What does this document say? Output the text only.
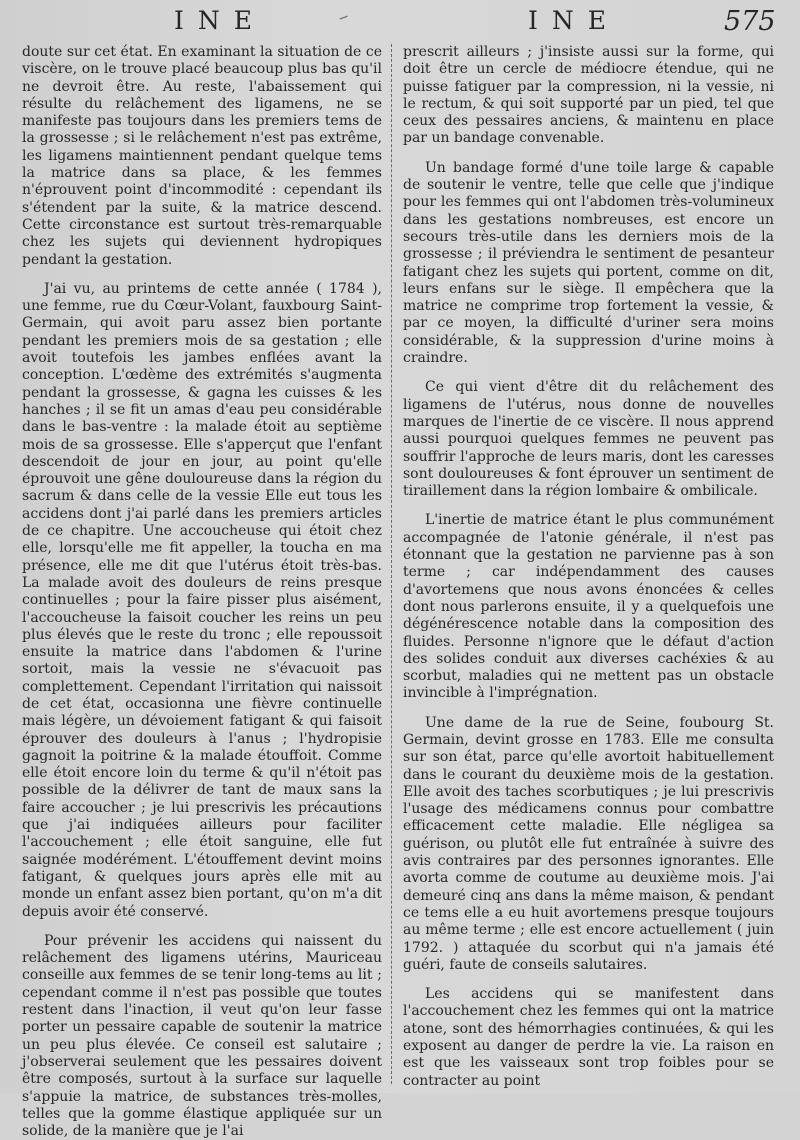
INE	–	INE	575

doute sur cet état. En examinant la situation de ce viscère, on le trouve placé beaucoup plus bas qu'il ne devroit être. Au reste, l'abaissement qui résulte du relâchement des ligamens, ne se manifeste pas toujours dans les premiers tems de la grossesse ; si le relâchement n'est pas extrême, les ligamens maintiennent pendant quelque tems la matrice dans sa place, & les femmes n'éprouvent point d'incommodité : cependant ils s'étendent par la suite, & la matrice descend. Cette circonstance est surtout très-remarquable chez les sujets qui deviennent hydropiques pendant la gestation.

J'ai vu, au printems de cette année ( 1784 ), une femme, rue du Cœur-Volant, fauxbourg Saint-Germain, qui avoit paru assez bien portante pendant les premiers mois de sa gestation ; elle avoit toutefois les jambes enflées avant la conception. L'œdème des extrémités s'augmenta pendant la grossesse, & gagna les cuisses & les hanches ; il se fit un amas d'eau peu considérable dans le bas-ventre : la malade étoit au septième mois de sa grossesse. Elle s'apperçut que l'enfant descendoit de jour en jour, au point qu'elle éprouvoit une gêne douloureuse dans la région du sacrum & dans celle de la vessie Elle eut tous les accidens dont j'ai parlé dans les premiers articles de ce chapitre. Une accoucheuse qui étoit chez elle, lorsqu'elle me fit appeller, la toucha en ma présence, elle me dit que l'utérus étoit très-bas. La malade avoit des douleurs de reins presque continuelles ; pour la faire pisser plus aisément, l'accoucheuse la faisoit coucher les reins un peu plus élevés que le reste du tronc ; elle repoussoit ensuite la matrice dans l'abdomen & l'urine sortoit, mais la vessie ne s'évacuoit pas complettement. Cependant l'irritation qui naissoit de cet état, occasionna une fièvre continuelle mais légère, un dévoiement fatigant & qui faisoit éprouver des douleurs à l'anus ; l'hydropisie gagnoit la poitrine & la malade étouffoit. Comme elle étoit encore loin du terme & qu'il n'étoit pas possible de la délivrer de tant de maux sans la faire accoucher ; je lui prescrivis les précautions que j'ai indiquées ailleurs pour faciliter l'accouchement ; elle étoit sanguine, elle fut saignée modérément. L'étouffement devint moins fatigant, & quelques jours après elle mit au monde un enfant assez bien portant, qu'on m'a dit depuis avoir été conservé.

Pour prévenir les accidens qui naissent du relâchement des ligamens utérins, Mauriceau conseille aux femmes de se tenir long-tems au lit ; cependant comme il n'est pas possible que toutes restent dans l'inaction, il veut qu'on leur fasse porter un pessaire capable de soutenir la matrice un peu plus élevée. Ce conseil est salutaire ; j'observerai seulement que les pessaires doivent être composés, surtout à la surface sur laquelle s'appuie la matrice, de substances très-molles, telles que la gomme élastique appliquée sur un solide, de la manière que je l'ai

prescrit ailleurs ; j'insiste aussi sur la forme, qui doit être un cercle de médiocre étendue, qui ne puisse fatiguer par la compression, ni la vessie, ni le rectum, & qui soit supporté par un pied, tel que ceux des pessaires anciens, & maintenu en place par un bandage convenable.

Un bandage formé d'une toile large & capable de soutenir le ventre, telle que celle que j'indique pour les femmes qui ont l'abdomen très-volumineux dans les gestations nombreuses, est encore un secours très-utile dans les derniers mois de la grossesse ; il préviendra le sentiment de pesanteur fatigant chez les sujets qui portent, comme on dit, leurs enfans sur le siège. Il empêchera que la matrice ne comprime trop fortement la vessie, & par ce moyen, la difficulté d'uriner sera moins considérable, & la suppression d'urine moins à craindre.

Ce qui vient d'être dit du relâchement des ligamens de l'utérus, nous donne de nouvelles marques de l'inertie de ce viscère. Il nous apprend aussi pourquoi quelques femmes ne peuvent pas souffrir l'approche de leurs maris, dont les caresses sont douloureuses & font éprouver un sentiment de tiraillement dans la région lombaire & ombilicale.

L'inertie de matrice étant le plus communément accompagnée de l'atonie générale, il n'est pas étonnant que la gestation ne parvienne pas à son terme ; car indépendamment des causes d'avortemens que nous avons énoncées & celles dont nous parlerons ensuite, il y a quelquefois une dégénérescence notable dans la composition des fluides. Personne n'ignore que le défaut d'action des solides conduit aux diverses cachéxies & au scorbut, maladies qui ne mettent pas un obstacle invincible à l'imprégnation.

Une dame de la rue de Seine, foubourg St. Germain, devint grosse en 1783. Elle me consulta sur son état, parce qu'elle avortoit habituellement dans le courant du deuxième mois de la gestation. Elle avoit des taches scorbutiques ; je lui prescrivis l'usage des médicamens connus pour combattre efficacement cette maladie. Elle négligea sa guérison, ou plutôt elle fut entraînée à suivre des avis contraires par des personnes ignorantes. Elle avorta comme de coutume au deuxième mois. J'ai demeuré cinq ans dans la même maison, & pendant ce tems elle a eu huit avortemens presque toujours au même terme ; elle est encore actuellement ( juin 1792. ) attaquée du scorbut qui n'a jamais été guéri, faute de conseils salutaires.

Les accidens qui se manifestent dans l'accouchement chez les femmes qui ont la matrice atone, sont des hémorrhagies continuées, & qui les exposent au danger de perdre la vie. La raison en est que les vaisseaux sont trop foibles pour se contracter au point
